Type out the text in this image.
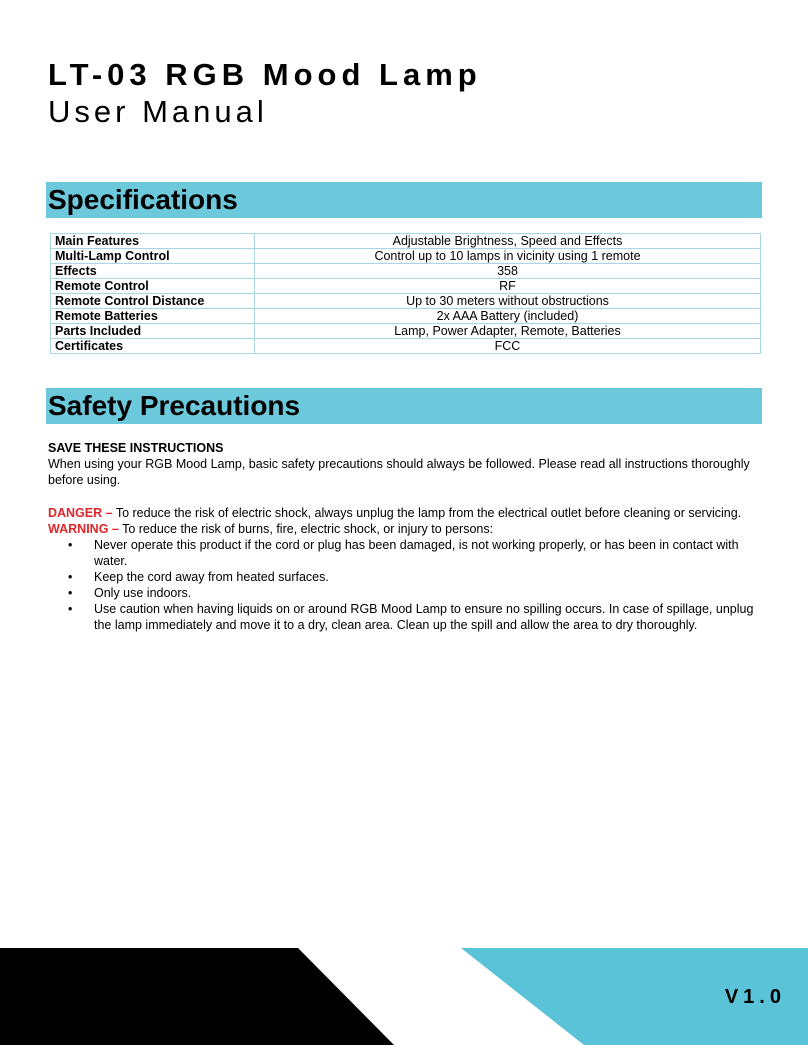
LT-03 RGB Mood Lamp
User Manual
Specifications
Main Features	Adjustable Brightness, Speed and Effects
Multi-Lamp Control	Control up to 10 lamps in vicinity using 1 remote
Effects	358
Remote Control	RF
Remote Control Distance	Up to 30 meters without obstructions
Remote Batteries	2x AAA Battery (included)
Parts Included	Lamp, Power Adapter, Remote, Batteries
Certificates	FCC
Safety Precautions

SAVE THESE INSTRUCTIONS

When using your RGB Mood Lamp, basic safety precautions should always be followed. Please read all instructions thoroughly before using.

DANGER – To reduce the risk of electric shock, always unplug the lamp from the electrical outlet before cleaning or servicing.

WARNING – To reduce the risk of burns, fire, electric shock, or injury to persons:

• Never operate this product if the cord or plug has been damaged, is not working properly, or has been in contact with water.
• Keep the cord away from heated surfaces.
• Only use indoors.
• Use caution when having liquids on or around RGB Mood Lamp to ensure no spilling occurs. In case of spillage, unplug the lamp immediately and move it to a dry, clean area. Clean up the spill and allow the area to dry thoroughly.
V1.0
